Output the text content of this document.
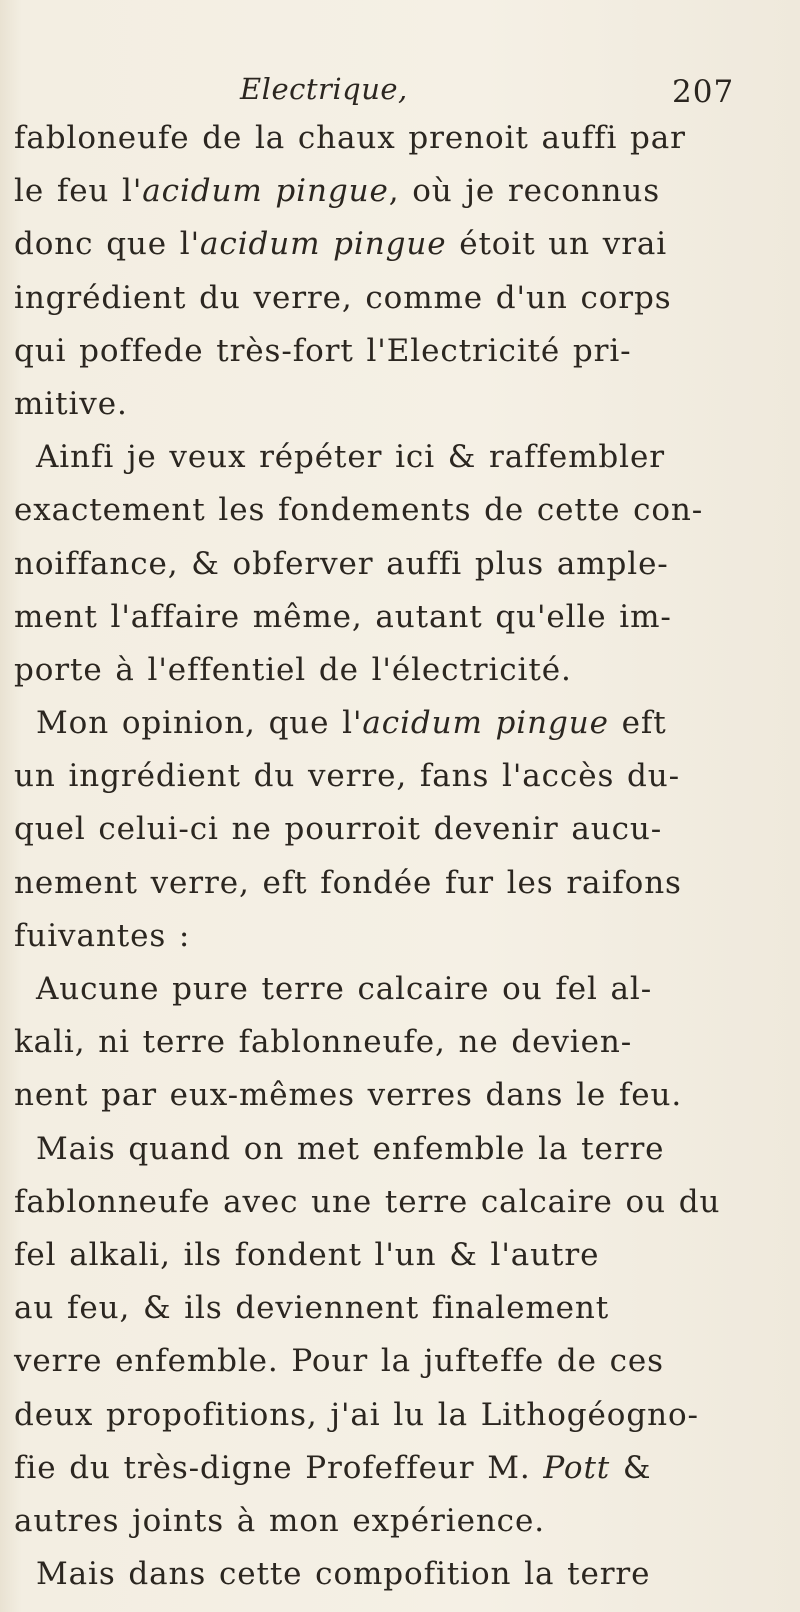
Electrique,	207
fabloneufe de la chaux prenoit auffi par
le feu l'acidum pingue, où je reconnus
donc que l'acidum pingue étoit un vrai
ingrédient du verre, comme d'un corps
qui poffede très-fort l'Electricité pri-
mitive.
Ainfi je veux répéter ici & raffembler
exactement les fondements de cette con-
noiffance, & obferver auffi plus ample-
ment l'affaire même, autant qu'elle im-
porte à l'effentiel de l'électricité.
Mon opinion, que l'acidum pingue eft
un ingrédient du verre, fans l'accès du-
quel celui-ci ne pourroit devenir aucu-
nement verre, eft fondée fur les raifons
fuivantes :
Aucune pure terre calcaire ou fel al-
kali, ni terre fablonneufe, ne devien-
nent par eux-mêmes verres dans le feu.
Mais quand on met enfemble la terre
fablonneufe avec une terre calcaire ou du
fel alkali, ils fondent l'un & l'autre
au feu, & ils deviennent finalement
verre enfemble. Pour la jufteffe de ces
deux propofitions, j'ai lu la Lithogéogno-
fie du très-digne Profeffeur M. Pott &
autres joints à mon expérience.
Mais dans cette compofition la terre
